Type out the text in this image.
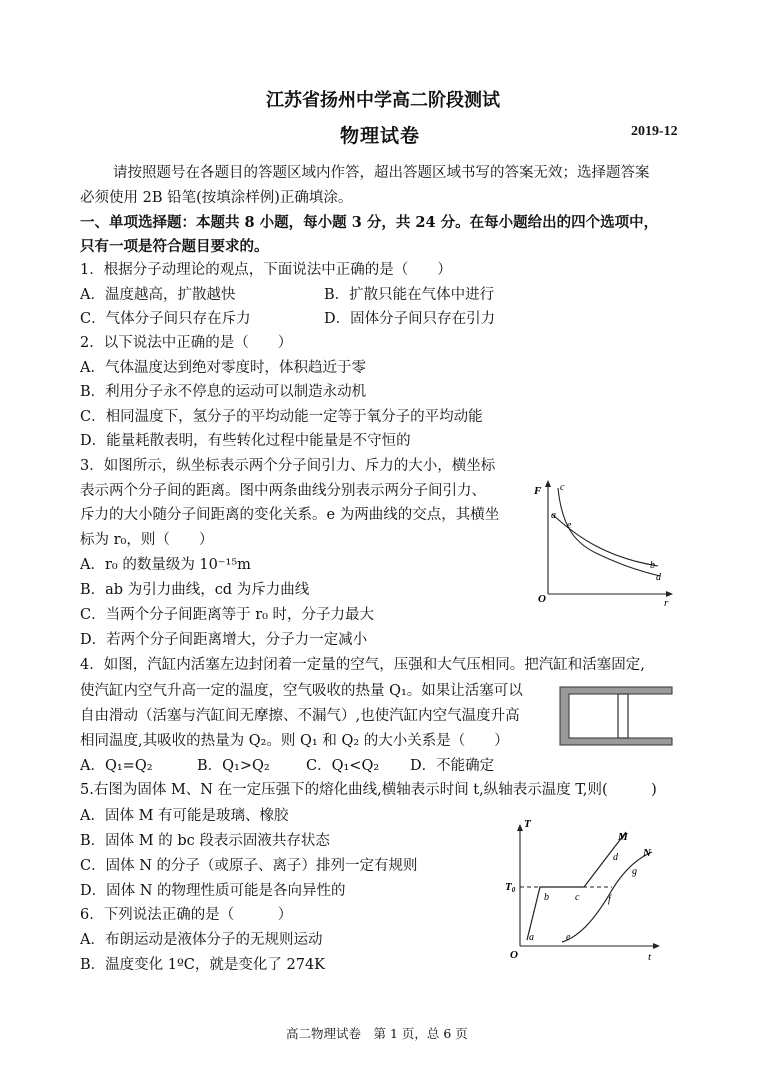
江苏省扬州中学高二阶段测试
物理试卷	2019-12
请按照题号在各题目的答题区域内作答，超出答题区域书写的答案无效；选择题答案
必须使用 2B 铅笔(按填涂样例)正确填涂。
一、单项选择题：本题共 8 小题，每小题 3 分，共 24 分。在每小题给出的四个选项中，
只有一项是符合题目要求的。
1．根据分子动理论的观点，下面说法中正确的是（　　）
A．温度越高，扩散越快	B．扩散只能在气体中进行
C．气体分子间只存在斥力	D．固体分子间只存在引力
2．以下说法中正确的是（　　）
A．气体温度达到绝对零度时，体积趋近于零
B．利用分子永不停息的运动可以制造永动机
C．相同温度下，氢分子的平均动能一定等于氧分子的平均动能
D．能量耗散表明，有些转化过程中能量是不守恒的
3．如图所示，纵坐标表示两个分子间引力、斥力的大小，横坐标
表示两个分子间的距离。图中两条曲线分别表示两分子间引力、
斥力的大小随分子间距离的变化关系。e 为两曲线的交点，其横坐
标为 r₀，则（　　）
A．r₀ 的数量级为 10⁻¹⁵m
B．ab 为引力曲线，cd 为斥力曲线
C．当两个分子间距离等于 r₀ 时，分子力最大
D．若两个分子间距离增大，分子力一定减小
F
O	r
c
a
e
b
d
4．如图，汽缸内活塞左边封闭着一定量的空气，压强和大气压相同。把汽缸和活塞固定,
使汽缸内空气升高一定的温度，空气吸收的热量 Q₁。如果让活塞可以
自由滑动（活塞与汽缸间无摩擦、不漏气）,也使汽缸内空气温度升高
相同温度,其吸收的热量为 Q₂。则 Q₁ 和 Q₂ 的大小关系是（　　）
A．Q₁=Q₂	B．Q₁>Q₂	C．Q₁<Q₂ D．不能确定
5.右图为固体 M、N 在一定压强下的熔化曲线,横轴表示时间 t,纵轴表示温度 T,则(　　　)
A．固体 M 有可能是玻璃、橡胶
B．固体 M 的 bc 段表示固液共存状态
C．固体 N 的分子（或原子、离子）排列一定有规则
D．固体 N 的物理性质可能是各向异性的
T
T0
O	t
M
N
a
b	c
d
e
f
g
6．下列说法正确的是（　　　）
A．布朗运动是液体分子的无规则运动
B．温度变化 1ºC，就是变化了 274K
高二物理试卷　第 1 页，总 6 页
